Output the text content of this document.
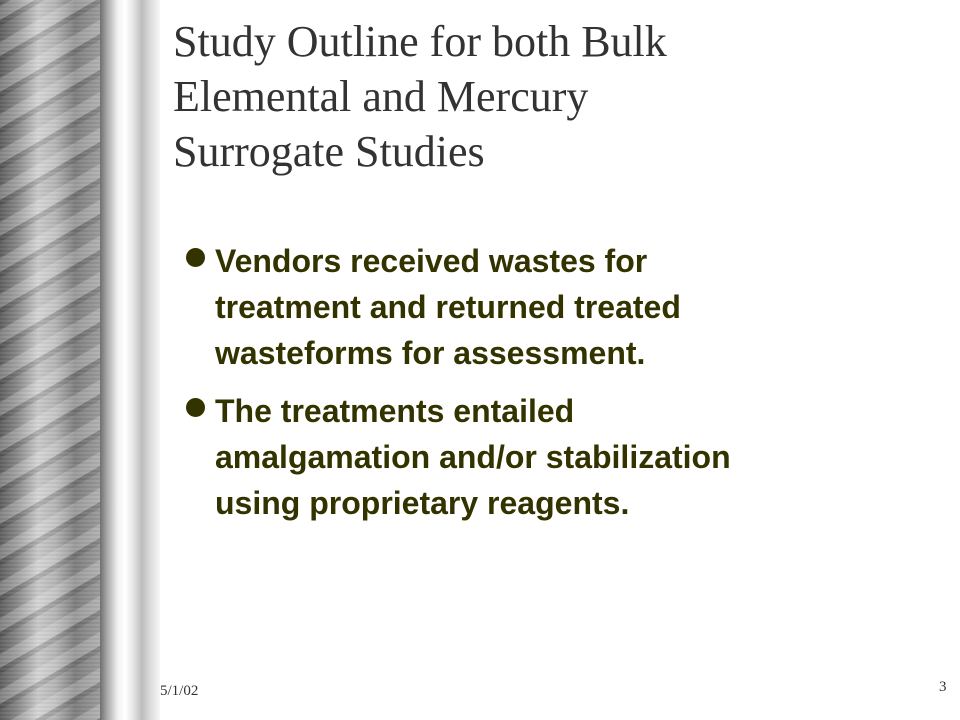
Study Outline for both Bulk
Elemental and Mercury
Surrogate Studies
Vendors received wastes for
treatment and returned treated
wasteforms for assessment.
The treatments entailed
amalgamation and/or stabilization
using proprietary reagents.
5/1/02	3
